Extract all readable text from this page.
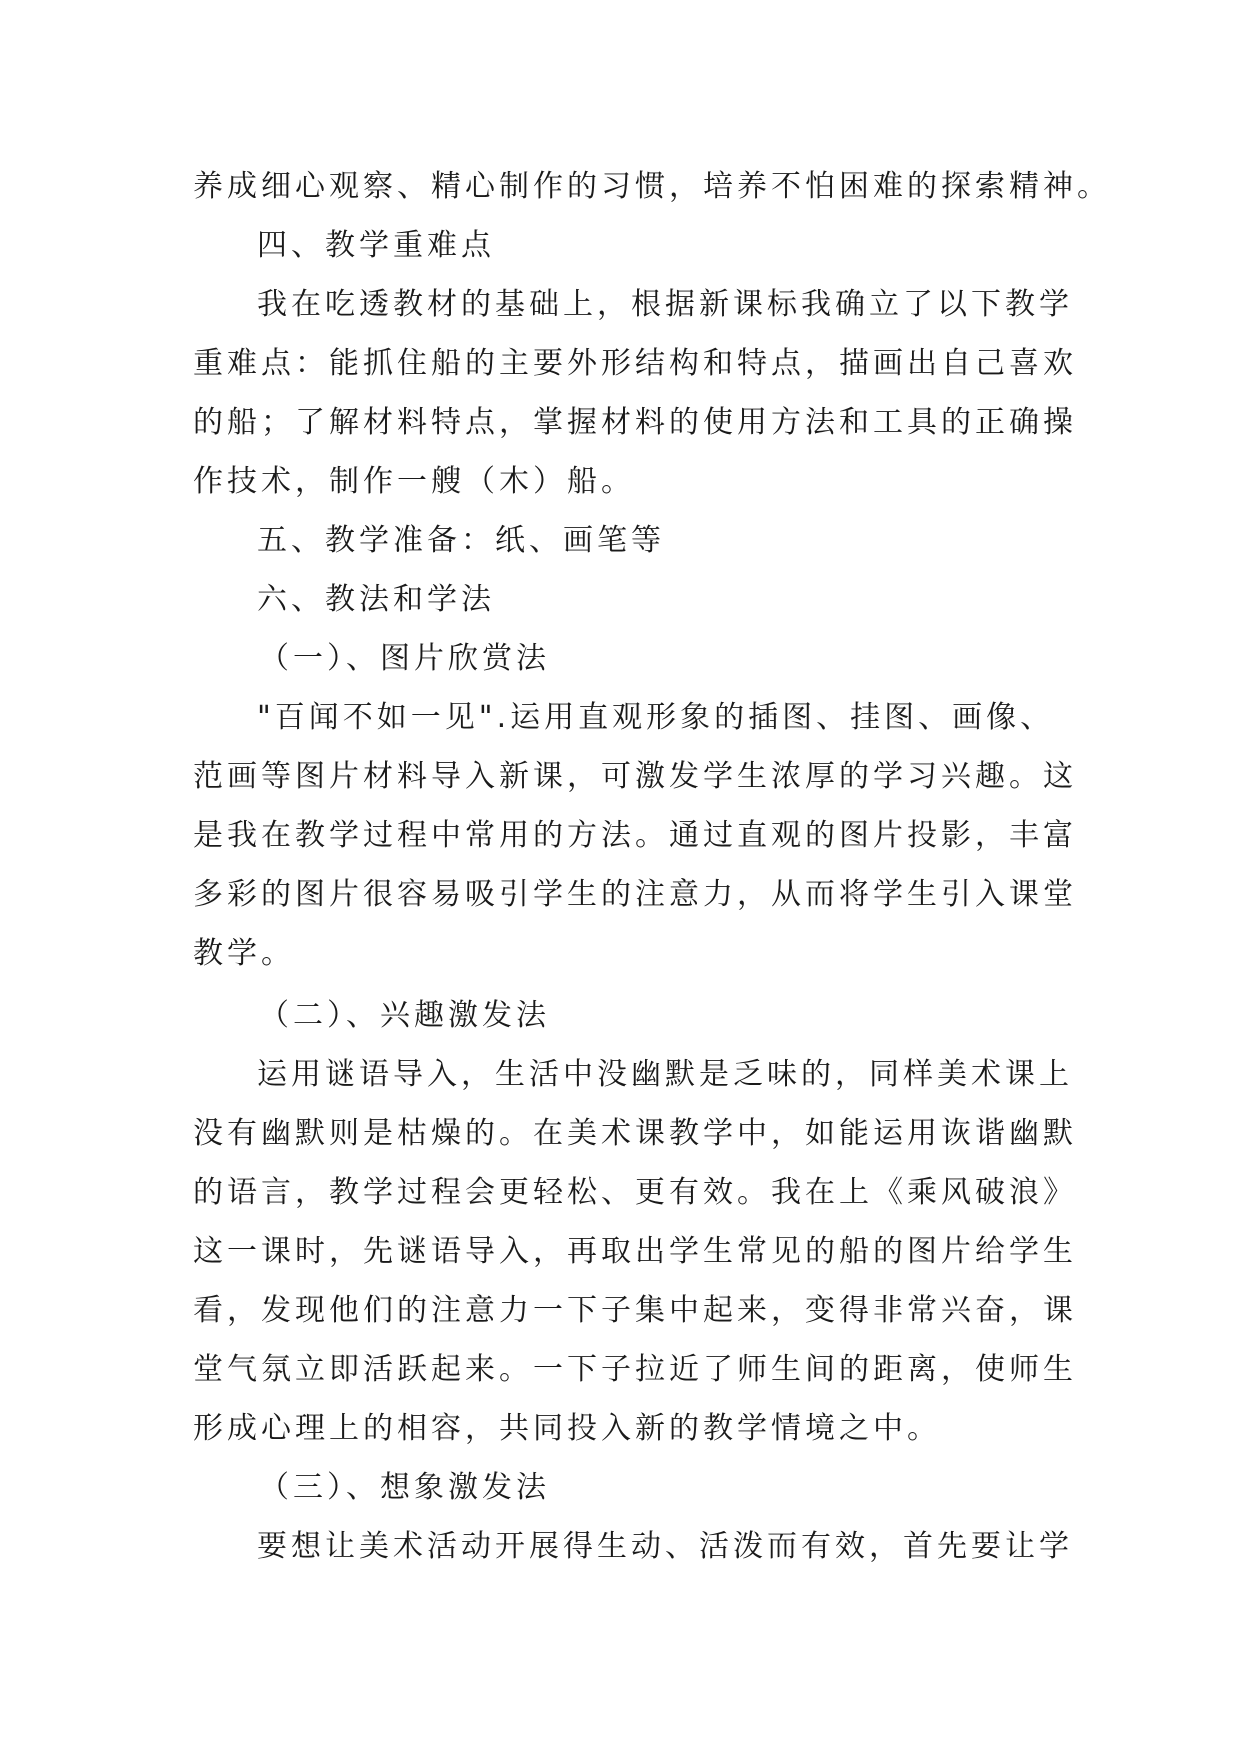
养成细心观察、精心制作的习惯，培养不怕困难的探索精神。
四、教学重难点
我在吃透教材的基础上，根据新课标我确立了以下教学
重难点：能抓住船的主要外形结构和特点，描画出自己喜欢
的船；了解材料特点，掌握材料的使用方法和工具的正确操
作技术，制作一艘（木）船。
五、教学准备：纸、画笔等
六、教法和学法
（一）、图片欣赏法
"百闻不如一见".运用直观形象的插图、挂图、画像、
范画等图片材料导入新课，可激发学生浓厚的学习兴趣。这
是我在教学过程中常用的方法。通过直观的图片投影，丰富
多彩的图片很容易吸引学生的注意力，从而将学生引入课堂
教学。
（二）、兴趣激发法
运用谜语导入，生活中没幽默是乏味的，同样美术课上
没有幽默则是枯燥的。在美术课教学中，如能运用诙谐幽默
的语言，教学过程会更轻松、更有效。我在上《乘风破浪》
这一课时，先谜语导入，再取出学生常见的船的图片给学生
看，发现他们的注意力一下子集中起来，变得非常兴奋，课
堂气氛立即活跃起来。一下子拉近了师生间的距离，使师生
形成心理上的相容，共同投入新的教学情境之中。
（三）、想象激发法
要想让美术活动开展得生动、活泼而有效，首先要让学
